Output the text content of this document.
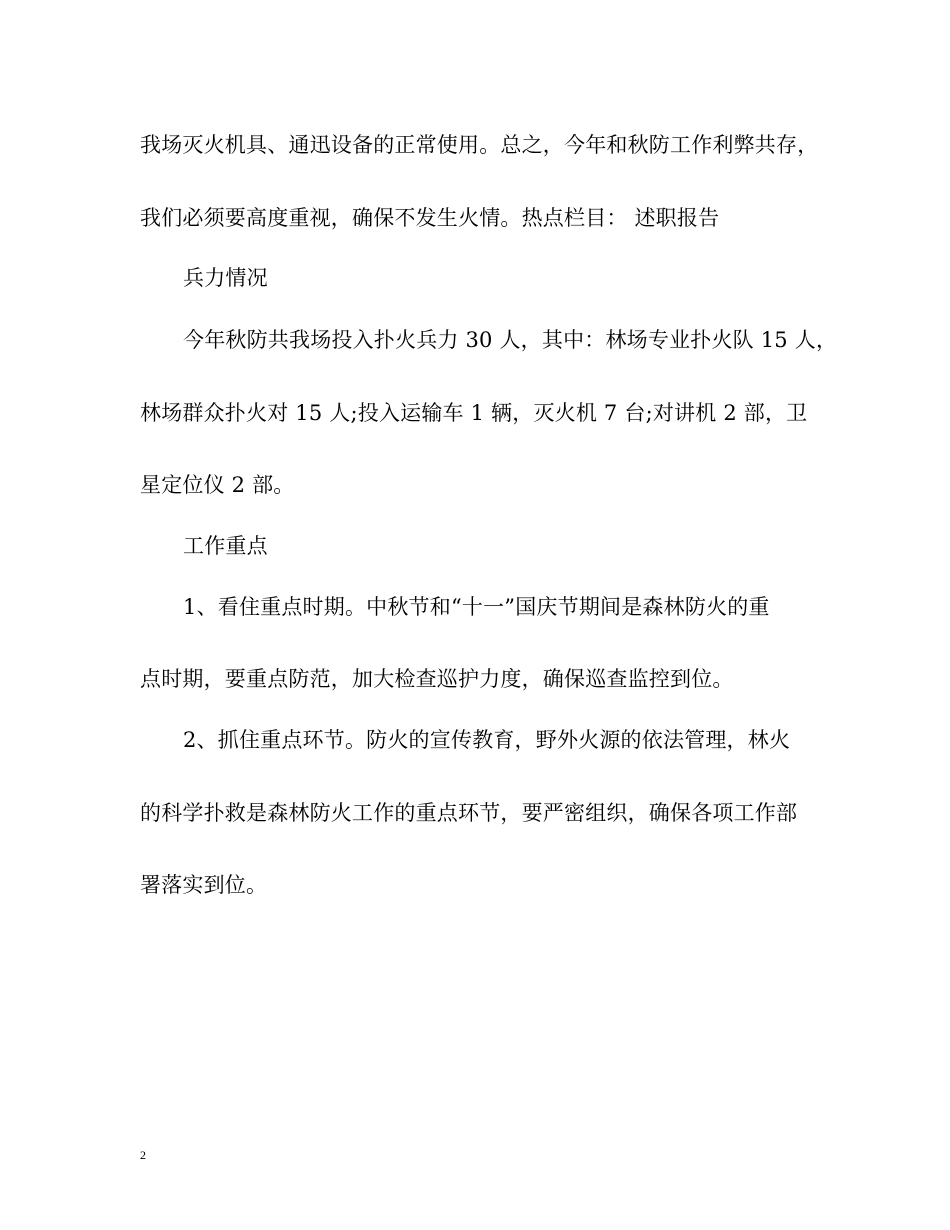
我场灭火机具、通迅设备的正常使用。总之，今年和秋防工作利弊共存，
我们必须要高度重视，确保不发生火情。热点栏目： 述职报告
兵力情况
今年秋防共我场投入扑火兵力 30 人，其中：林场专业扑火队 15 人，
林场群众扑火对 15 人;投入运输车 1 辆，灭火机 7 台;对讲机 2 部，卫
星定位仪 2 部。
工作重点
1、看住重点时期。中秋节和“十一”国庆节期间是森林防火的重
点时期，要重点防范，加大检查巡护力度，确保巡查监控到位。
2、抓住重点环节。防火的宣传教育，野外火源的依法管理，林火
的科学扑救是森林防火工作的重点环节，要严密组织，确保各项工作部
署落实到位。
2
